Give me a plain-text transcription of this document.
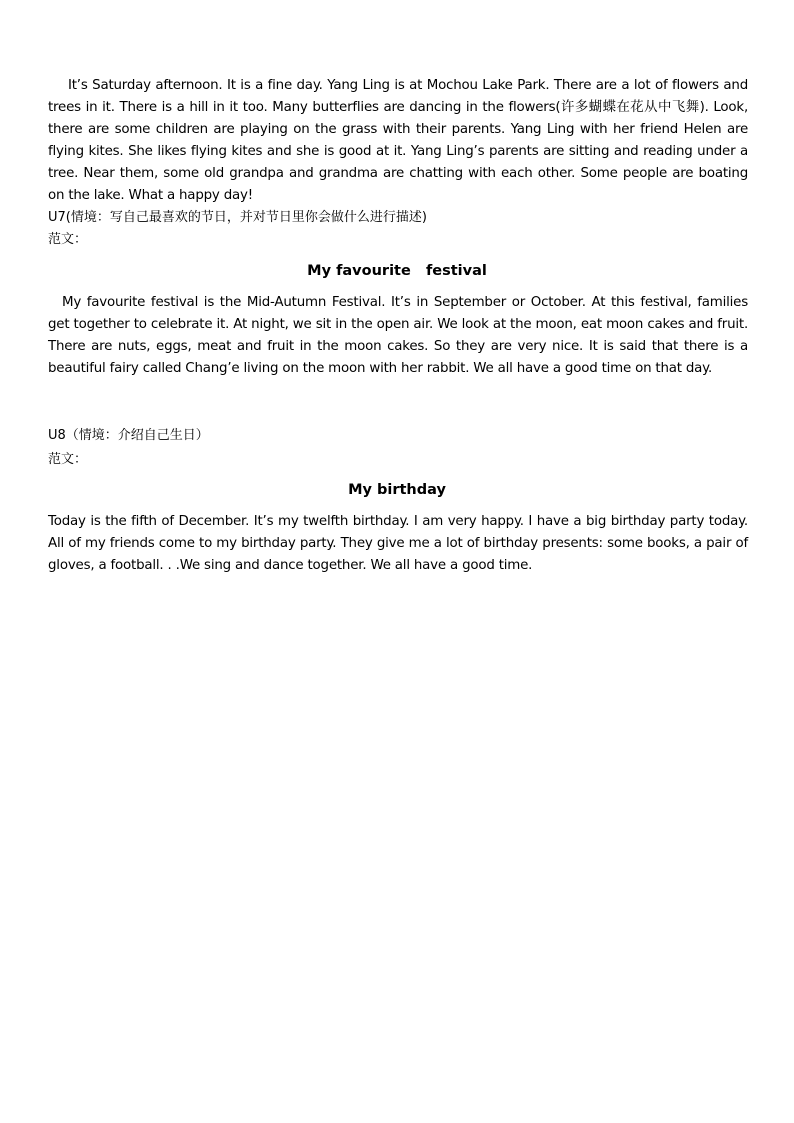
It’s Saturday afternoon. It is a fine day. Yang Ling is at Mochou Lake Park. There are a lot of flowers and trees in it. There is a hill in it too. Many butterflies are dancing in the flowers(许多蝴蝶在花从中飞舞). Look, there are some children are playing on the grass with their parents. Yang Ling with her friend Helen are flying kites. She likes flying kites and she is good at it. Yang Ling’s parents are sitting and reading under a tree. Near them, some old grandpa and grandma are chatting with each other. Some people are boating on the lake. What a happy day!

U7(情境：写自己最喜欢的节日，并对节日里你会做什么进行描述)

范文：

My favourite   festival

My favourite festival is the Mid-Autumn Festival. It’s in September or October. At this festival, families get together to celebrate it. At night, we sit in the open air. We look at the moon, eat moon cakes and fruit. There are nuts, eggs, meat and fruit in the moon cakes. So they are very nice. It is said that there is a beautiful fairy called Chang’e living on the moon with her rabbit. We all have a good time on that day.

U8（情境：介绍自己生日）

范文：

My birthday

Today is the fifth of December. It’s my twelfth birthday. I am very happy. I have a big birthday party today. All of my friends come to my birthday party. They give me a lot of birthday presents: some books, a pair of gloves, a football. . .We sing and dance together. We all have a good time.
